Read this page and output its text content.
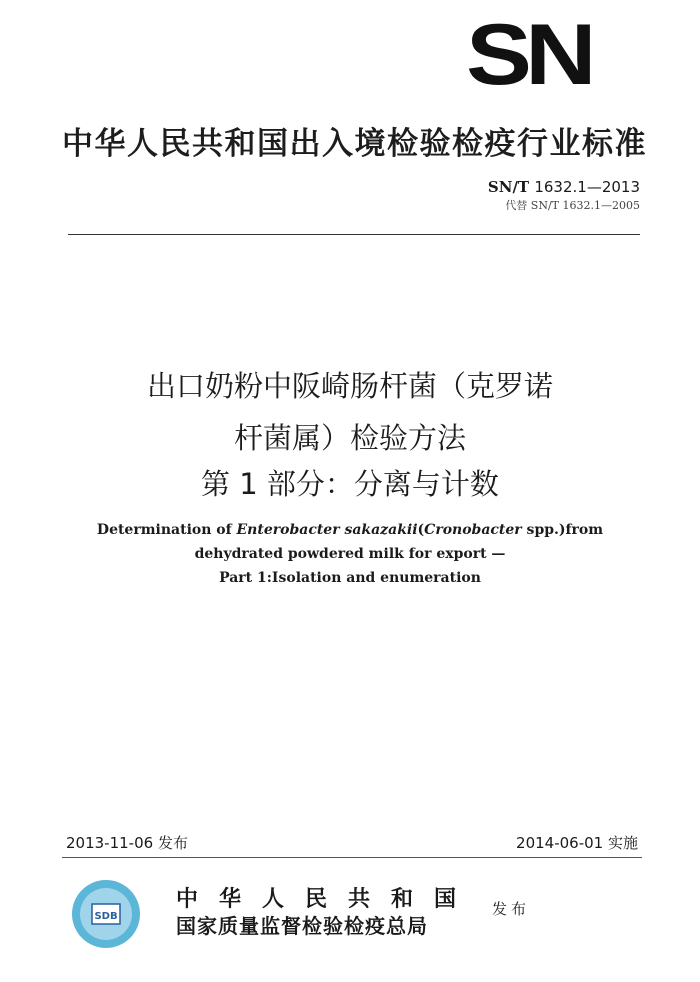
SN
中华人民共和国出入境检验检疫行业标准
SN/T 1632.1—2013
代替 SN/T 1632.1—2005
出口奶粉中阪崎肠杆菌（克罗诺
杆菌属）检验方法
第 1 部分：分离与计数
Determination of Enterobacter sakazakii(Cronobacter spp.)from
dehydrated powdered milk for export —
Part 1:Isolation and enumeration
2013-11-06 发布	2014-06-01 实施
SDB
中华人民共和国
国家质量监督检验检疫总局
发布
